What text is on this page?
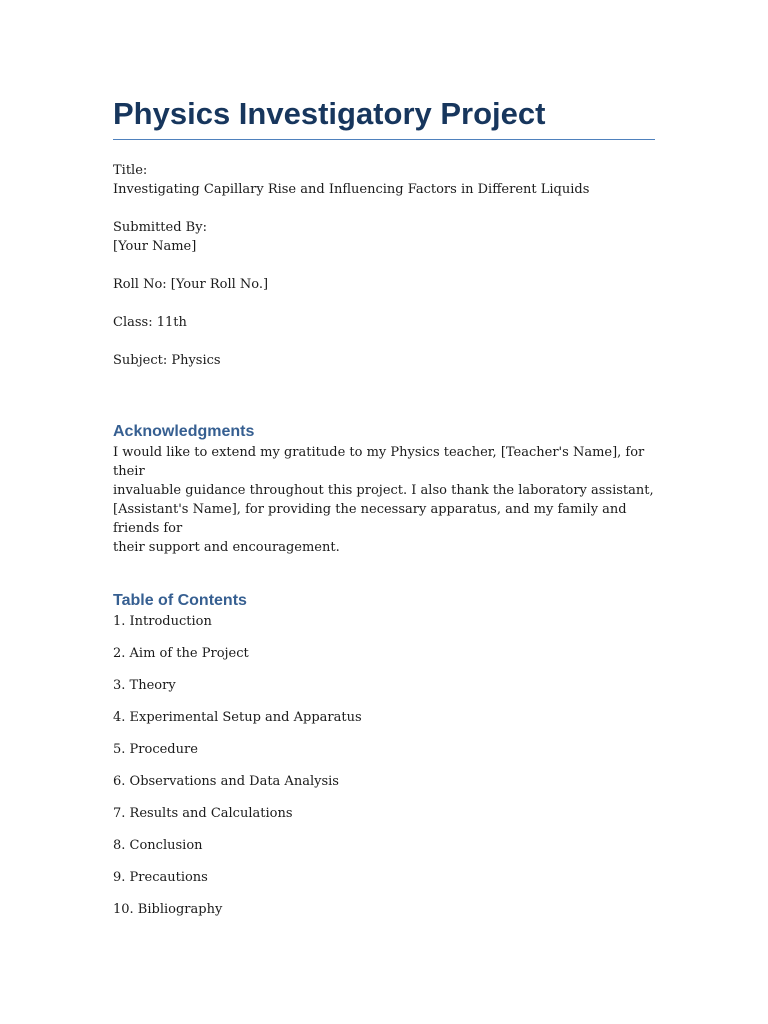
Physics Investigatory Project

Title:

Investigating Capillary Rise and Influencing Factors in Different Liquids

Submitted By:

[Your Name]

Roll No: [Your Roll No.]

Class: 11th

Subject: Physics

Acknowledgments

I would like to extend my gratitude to my Physics teacher, [Teacher's Name], for their

invaluable guidance throughout this project. I also thank the laboratory assistant,

[Assistant's Name], for providing the necessary apparatus, and my family and friends for

their support and encouragement.

Table of Contents
1. Introduction
2. Aim of the Project
3. Theory
4. Experimental Setup and Apparatus
5. Procedure
6. Observations and Data Analysis
7. Results and Calculations
8. Conclusion
9. Precautions
10. Bibliography
